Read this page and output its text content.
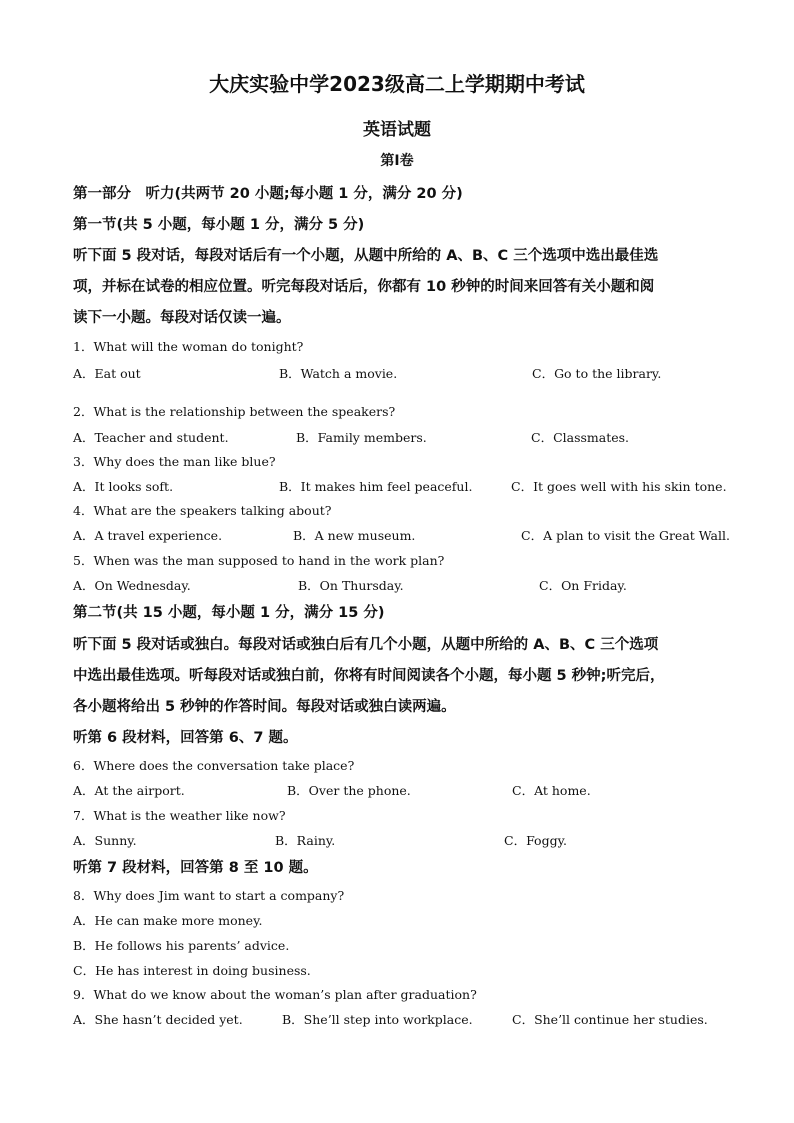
大庆实验中学2023级高二上学期期中考试
英语试题
第I卷
第一部分　听力(共两节 20 小题;每小题 1 分，满分 20 分)
第一节(共 5 小题，每小题 1 分，满分 5 分)
听下面 5 段对话，每段对话后有一个小题，从题中所给的 A、B、C 三个选项中选出最佳选
项，并标在试卷的相应位置。听完每段对话后，你都有 10 秒钟的时间来回答有关小题和阅
读下一小题。每段对话仅读一遍。
1．What will the woman do tonight?
A．Eat out	B．Watch a movie.	C．Go to the library.
2．What is the relationship between the speakers?
A．Teacher and student.	B．Family members.	C．Classmates.
3．Why does the man like blue?
A．It looks soft.	B．It makes him feel peaceful.	C．It goes well with his skin tone.
4．What are the speakers talking about?
A．A travel experience.	B．A new museum.	C．A plan to visit the Great Wall.
5．When was the man supposed to hand in the work plan?
A．On Wednesday.	B．On Thursday.	C．On Friday.
第二节(共 15 小题，每小题 1 分，满分 15 分)
听下面 5 段对话或独白。每段对话或独白后有几个小题，从题中所给的 A、B、C 三个选项
中选出最佳选项。听每段对话或独白前，你将有时间阅读各个小题，每小题 5 秒钟;听完后，
各小题将给出 5 秒钟的作答时间。每段对话或独白读两遍。
听第 6 段材料，回答第 6、7 题。
6．Where does the conversation take place?
A．At the airport.	B．Over the phone.	C．At home.
7．What is the weather like now?
A．Sunny.	B．Rainy.	C．Foggy.
听第 7 段材料，回答第 8 至 10 题。
8．Why does Jim want to start a company?
A．He can make more money.
B．He follows his parents’ advice.
C．He has interest in doing business.
9．What do we know about the woman’s plan after graduation?
A．She hasn’t decided yet.	B．She’ll step into workplace.	C．She’ll continue her studies.
